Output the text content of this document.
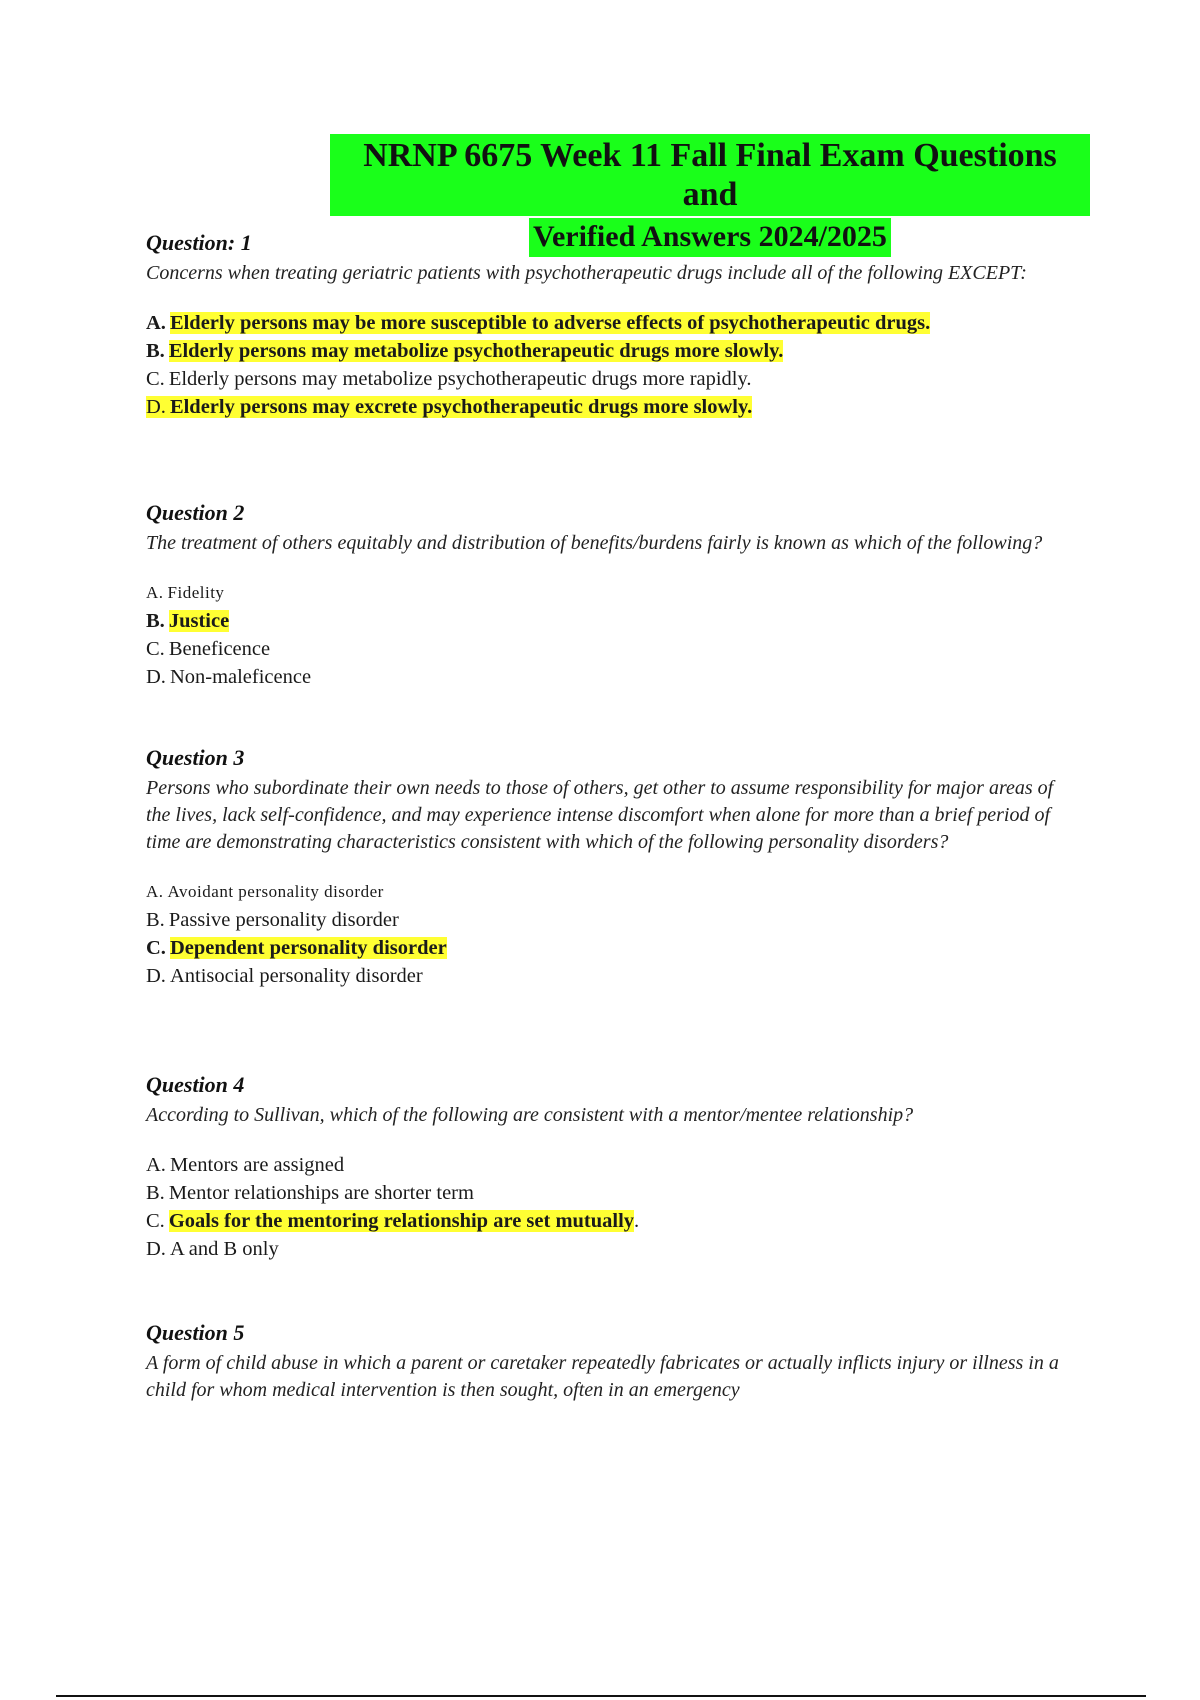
NRNP 6675 Week 11 Fall Final Exam Questions and
Verified Answers 2024/2025
Question: 1
Concerns when treating geriatric patients with psychotherapeutic drugs include all of the following EXCEPT:
A. Elderly persons may be more susceptible to adverse effects of psychotherapeutic drugs.
B. Elderly persons may metabolize psychotherapeutic drugs more slowly.
C. Elderly persons may metabolize psychotherapeutic drugs more rapidly.
D. Elderly persons may excrete psychotherapeutic drugs more slowly.
Question 2
The treatment of others equitably and distribution of benefits/burdens fairly is known as which of the following?
A. Fidelity
B. Justice
C. Beneficence
D. Non-maleficence
Question 3
Persons who subordinate their own needs to those of others, get other to assume responsibility for major areas of the lives, lack self-confidence, and may experience intense discomfort when alone for more than a brief period of time are demonstrating characteristics consistent with which of the following personality disorders?
A. Avoidant personality disorder
B. Passive personality disorder
C. Dependent personality disorder
D. Antisocial personality disorder
Question 4
According to Sullivan, which of the following are consistent with a mentor/mentee relationship?
A. Mentors are assigned
B. Mentor relationships are shorter term
C. Goals for the mentoring relationship are set mutually.
D. A and B only
Question 5
A form of child abuse in which a parent or caretaker repeatedly fabricates or actually inflicts injury or illness in a child for whom medical intervention is then sought, often in an emergency
